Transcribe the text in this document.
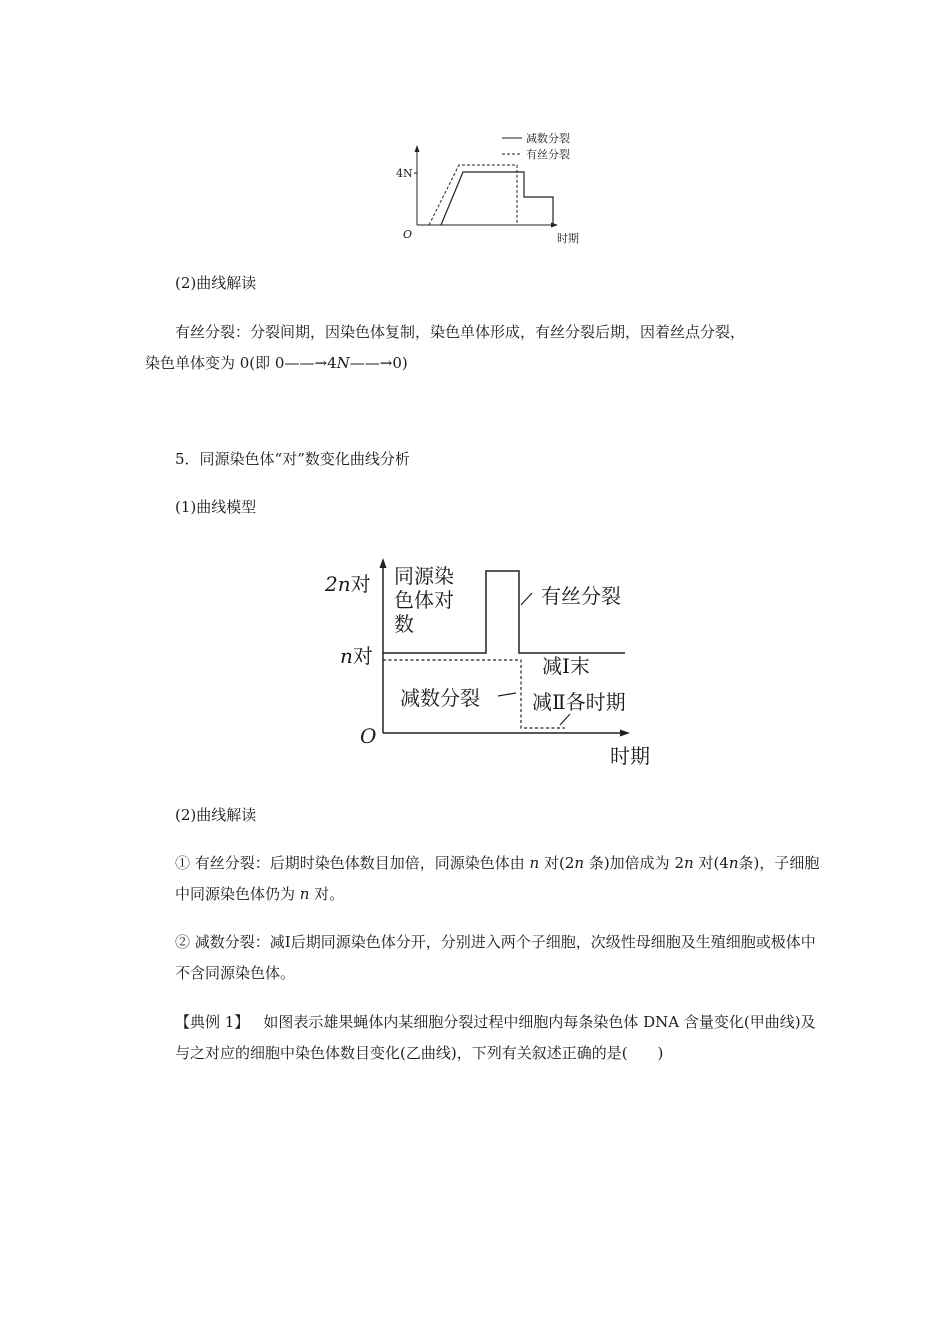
减数分裂
有丝分裂
4N
O	时期
(2)曲线解读
有丝分裂：分裂间期，因染色体复制，染色单体形成，有丝分裂后期，因着丝点分裂，
染色单体变为 0(即 0——→4N——→0)
5．同源染色体“对”数变化曲线分析
(1)曲线模型
2n对
n对
同源染
色体对
数
O
时期
有丝分裂
减数分裂
减Ⅰ末
减Ⅱ各时期
(2)曲线解读
① 有丝分裂：后期时染色体数目加倍，同源染色体由 n 对(2n 条)加倍成为 2n 对(4n条)，子细胞中同源染色体仍为 n 对。
② 减数分裂：减Ⅰ后期同源染色体分开，分别进入两个子细胞，次级性母细胞及生殖细胞或极体中不含同源染色体。
【典例 1】 如图表示雄果蝇体内某细胞分裂过程中细胞内每条染色体 DNA 含量变化(甲曲线)及与之对应的细胞中染色体数目变化(乙曲线)，下列有关叙述正确的是(　　)
